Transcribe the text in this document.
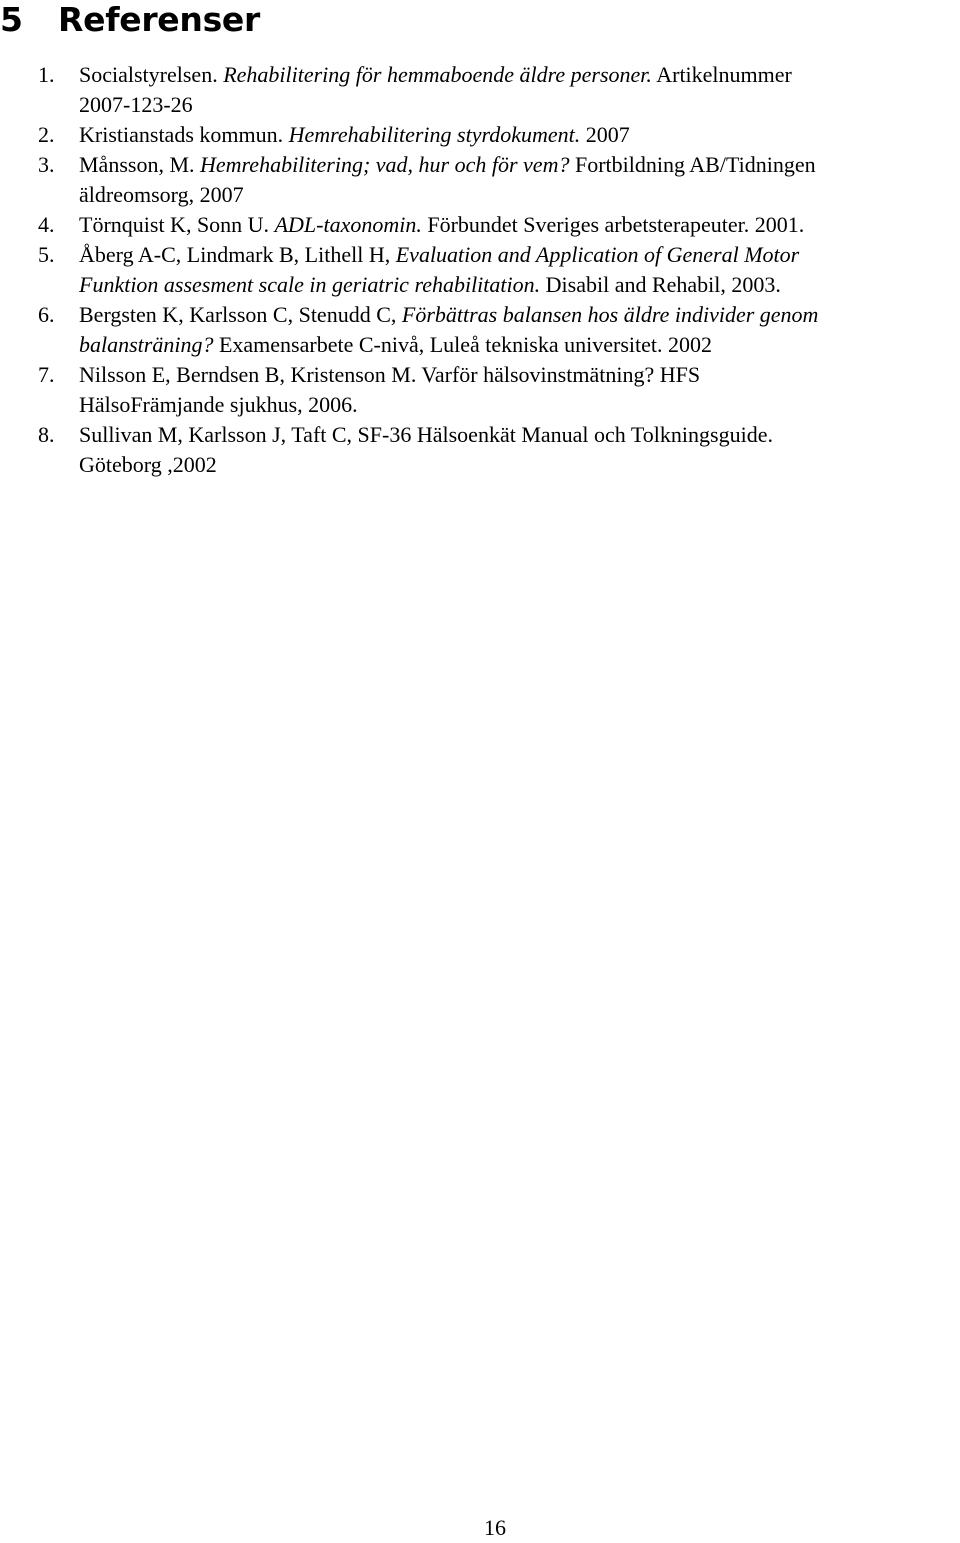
5 Referenser
1. Socialstyrelsen. Rehabilitering för hemmaboende äldre personer. Artikelnummer
2007-123-26
2. Kristianstads kommun. Hemrehabilitering styrdokument. 2007
3. Månsson, M. Hemrehabilitering; vad, hur och för vem? Fortbildning AB/Tidningen
äldreomsorg, 2007
4. Törnquist K, Sonn U. ADL-taxonomin. Förbundet Sveriges arbetsterapeuter. 2001.
5. Åberg A-C, Lindmark B, Lithell H, Evaluation and Application of General Motor
Funktion assesment scale in geriatric rehabilitation. Disabil and Rehabil, 2003.
6. Bergsten K, Karlsson C, Stenudd C, Förbättras balansen hos äldre individer genom
balansträning? Examensarbete C-nivå, Luleå tekniska universitet. 2002
7. Nilsson E, Berndsen B, Kristenson M. Varför hälsovinstmätning? HFS
HälsoFrämjande sjukhus, 2006.
8. Sullivan M, Karlsson J, Taft C, SF-36 Hälsoenkät Manual och Tolkningsguide.
Göteborg ,2002
16
